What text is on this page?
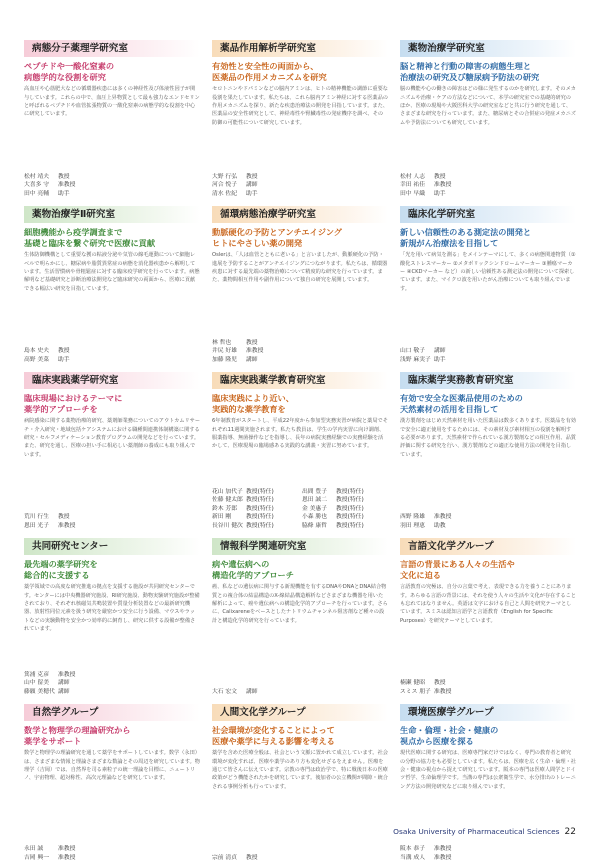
病態分子薬理学研究室
ペプチドや一酸化窒素の
病態学的な役割を研究
高血圧や心筋肥大などの循環器疾患には多くの神経性及び体液性因子が関与しています。これらの中で、血圧上昇物質として最も強力なエンドセリンと呼ばれるペプチドや血管拡張物質の一酸化窒素の病態学的な役割を中心に研究しています。
松村 靖夫 教授
大喜多 守 准教授
田中 亮輔 助手
薬品作用解析学研究室
有効性と安全性の両面から、
医薬品の作用メカニズムを研究
セロトニンやドパミンなどの脳内アミンは、ヒトの精神機能の調節に重要な役割を果たしています。私たちは、これら脳内アミン神経に対する医薬品の作用メカニズムを探り、新たな疾患治療法の開発を目指しています。また、医薬品の安全性研究として、神経毒性や腎臓毒性の発症機序を調べ、その防御の可能性について研究しています。
大野 行弘 教授
河合 悦子 講師
清水 佐紀 助手
薬物治療学研究室
脳と精神と行動の障害の病態生理と
治療法の研究及び糖尿病予防法の研究
脳の機能や心の働きの障害はどの様に発生するのかを研究します。そのメカニズムや治療・ケアの方法などについて、本学の研究室での基礎的研究のほか、医療の現場や大阪医科大学の研究室などと共に行う研究を通して、さまざまな研究を行っています。また、糖尿病とその合併症の発症メカニズムや予防法についても研究しています。
松村 人志 教授
幸田 祐佳 准教授
田中 早織 助手
薬物治療学Ⅱ研究室
細胞機能から疫学調査まで
基礎と臨床を繋ぐ研究で医療に貢献
生体防御機構として重要な獲の粘液分泌や気管の線毛運動について細胞レベルで明らかにし、糖尿病や脂質異常症の病態を消化器疾患から解明しています。生活習慣病や骨粗鬆症に対する臨床疫学研究を行っています。病態解明など基礎研究と診断治療法開発など臨床研究の両面から、医療に貢献できる幅広い研究を目指しています。
島本 史夫 教授
高野 美菜 助手
循環病態治療学研究室
動脈硬化の予防とアンチエイジング
ヒトにやさしい薬の開発
Oslerは、「人は血管とともに老いる」と言いましたが、動脈硬化の予防・進展を予防することがアンチエイジングにつながります。私たちは、循環器疾患に対する最先端の薬物治療について精度的な研究を行っています。また、薬物間相互作用や副作用について独自の研究を展開しています。
林 哲也	教授
井尻 好雄 准教授
加藤 隆児 講師
臨床化学研究室
新しい信頼性のある測定法の開発と
新規がん治療法を目指して
「光を用いて病気を測る」をメインテーマにして、多くの病態関連物質（①酸化ストレスマーカー ②メタボリックシンドロームマーカー ③腫瘍マーカー ④CKDマーカー など）の新しい信頼性ある測定法の開発について探索しています。また、マイクロ波を用いたがん治療についても取り組んでいます。
山口 敬子 講師
浅野 麻実子 助手
臨床実践薬学研究室
臨床現場におけるテーマに
薬学的アプローチを
病院感染に関する薬物治療的研究、薬剤師業務についてのアウトカムリサーチ・介入研究・地域包括ケアシステムにおける職種間連携体制構築に関する研究・セルフメディケーション教育プログラムの開発などを行っています。また、研究を通し、医療の担い手に相応しい薬剤師の養成にも取り組んでいます。
荒川 行生 教授
恩田 光子 准教授
臨床実践薬学教育研究室
臨床実践により近い、
実践的な薬学教育を
6年制教育がスタートし、平成22年度から参加型実務実習が病院と薬局でそれぞれ11週間実施されます。私たち教員は、学生の学内実習に向け調剤、服薬指導、無菌操作などを指導し、長年の病院実務経験での実務経験を活かして、医療現場の臨場感ある実践的な講義・実習に努めています。
花山 加代子 教授(特任)	出間 豊子 教授(特任)
佐藤 健太郎 教授(特任)	恩田 誠二 教授(特任)
鈴木 芳郎 教授(特任)	金 美惠子 教授(特任)
新田 剛	教授(特任)	小森 勝也 教授(特任)
長谷川 健次 教授(特任)	脇條 康哲 教授(特任)
臨床薬学実務教育研究室
有効で安全な医薬品使用のための
天然素材の活用を目指して
漢方製剤をはじめ天然素材を用いた医薬品は数多くあります。医薬品を有効で安全に適正使用をするためには、その素材及び素材相互の役割を解明する必要があります。天然素材で作られている漢方製剤などの相互作用、品質評価に関する研究を行い、漢方製剤などの適正な使用方法の開発を目指しています。
西野 隆雄 准教授
羽田 理恵 助教
共同研究センター
最先端の薬学研究を
総合的に支援する
薬学領域での高度な研究推進の拠点を支援する施設が共同研究センターです。センターには中央機器研究施設、RI研究施設、動物実験研究施設が整備されており、それぞれ核磁気共鳴装置や質量分析装置などの最新研究機器、放射性同位元素を扱う研究を厳密かつ安全に行う設備、マウスやラットなどの実験動物を安全かつ効率的に飼育し、研究に供する設備が整備されています。
箕浦 克彦 准教授
山中 留美 講師
藤願 美穂代 講師
情報科学関連研究室
病や遺伝病への
構造化学的アプローチ
癌、私などの遺伝病に関与する新規機能を有するDNAやDNAとDNA結合物質との複合体の結晶構造のX-線結晶構造解析などさまざまな機器を用いた解析によって、癌や遺伝病への構造化学的アプローチを行っています。さらに、Calixareneをベースとしたナトリウムチャンネル阻害剤など種々の設計と構造化学的研究を行っています。
大石 宏文 講師
言語文化学グループ
言語の背景にある人々の生活や
文化に迫る
言語教育の究極は、自分の言葉で考え、表現できる力を養うことにあります。あらゆる言語の背景には、それを使う人々の生活や文化が存在することも忘れてはなりません。英語は文字における自己と人間を研究テーマとしています。スミスは認知言語学と言語教育（English for Specific Purposes）を研究テーマとしています。
楠瀬 健昭 教授
スミス 朋子 准教授
自然学グループ
数学と物理学の理論研究から
薬学をサポート
数学と物理学の理論研究を通して薬学をサポートしています。数学（永田）は、さまざまな情報と理論さまざまな数論とその周辺を研究しています。物理学（吉岡）では、自然界を司る素粒子の統一理論を目標に、ニュートリノ、宇宙物理、超対称性、高次元理論などを研究しています。
永田 誠	准教授
吉岡 興一 准教授
人間文化学グループ
社会環境が変化することによって
医療や薬学に与える影響を考える
薬学を含めた医療全般は、社会という文脈に置かれて成立しています。社会環境が変化すれば、医療や薬学のあり方も変化せざるをえません。医療を通じて皆さんに伝えています。宗教の専門は政治学で、特に戦後日本の医療政策がどう機能されたかを研究しています。後加者の公立機関が間隙・統合される事例分析も行っています。
宗前 清貞 教授
環境医療学グループ
生命・倫理・社会・健康の
視点から医療を探る
現代医療に関する研究は、医療専門家だけではなく、専門の教育者と研究の分野の協力をも必要としています。私たちは、医療を広く生命・倫理・社会・健康の視点から捉えて研究しています。阪本の専門は医療人間学とドイツ哲学、生命倫理学です。当溝の専門は公衆衛生学で、水分排出のトレーニング方法の開発研究などに取り組んでいます。
阪本 恭子 准教授
当溝 成人 准教授
Osaka University of Pharmaceutical Sciences 22
